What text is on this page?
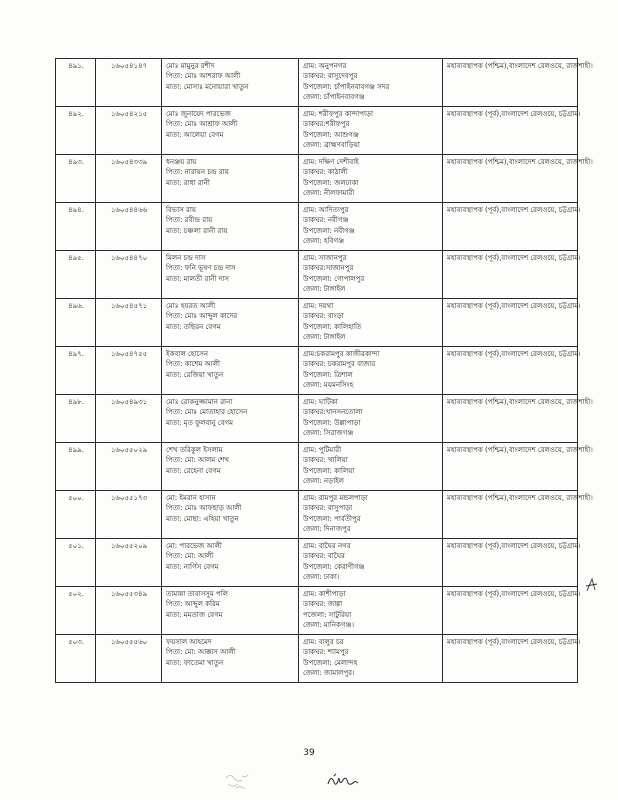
৪৯১.	১৬০৫৪১৪৭	মোঃ মামুনুর রশীদ
পিতা: মোঃ আশরাফ আলী
মাতা: মোসাঃ মনোয়ারা খাতুন	গ্রাম: অনুপনগর
ডাকঘর: বাসুদেবপুর
উপজেলা: চাঁপাইনবাবগঞ্জ সদর
জেলা: চাঁপাইনবাবগঞ্জ	মহাব্যবস্থাপক (পশ্চিম),বাংলাদেশ রেলওয়ে, রাজশাহী।

৪৯২.	১৬০৫৪২১৫	মোঃ জুনায়েদ পারভেজ
পিতা: মোঃ আশ্রাফ আলী
মাতা: আলেয়া বেগম	গ্রাম: শরীফপুর কান্দাপাড়া
ডাকঘর:শরীফপুর
উপজেলা: আশুগঞ্জ
জেলা: ব্রাহ্মণবাড়িয়া	মহাব্যবস্থাপক (পূর্ব),বাংলাদেশ রেলওয়ে, চট্টগ্রাম।

৪৯৩.	১৬০৫৪৩৩৯	ধনঞ্জয় রায়
পিতা: নারায়ন চন্দ্র রায়
মাতা: রাধা রানী	গ্রাম: দক্ষিণ দেশীবাই
ডাকঘর: কাঠালী
উপজেলা: জলঢাকা
জেলা: নীলফামারী	মহাব্যবস্থাপক (পশ্চিম),বাংলাদেশ রেলওয়ে, রাজশাহী।

৪৯৪.	১৬০৫৪৪৬৬	বিভাস রায়
পিতা: রবীন্দ্র রায়
মাতা: চঞ্চলা রানী রায়	গ্রাম: আদিত্যপুর
ডাকঘর: নবীগঞ্জ
উপজেলা: নবীগঞ্জ
জেলা: হবিগঞ্জ	মহাব্যবস্থাপক (পূর্ব),বাংলাদেশ রেলওয়ে, চট্টগ্রাম।

৪৯৫.	১৬০৫৪৪৭০	মিলন চন্দ্র দাস
পিতা: ফনি ভূষণ চন্দ্র দাস
মাতা: মালতী রানী দাস	গ্রাম: সাজানপুর
ডাকঘর:সাজানপুর
উপজেলা: গোপালপুর
জেলা: টাঙ্গাইল	মহাব্যবস্থাপক (পূর্ব),বাংলাদেশ রেলওয়ে, চট্টগ্রাম।

৪৯৬.	১৬০৫৪৫৭১	মোঃ হযরত আলী
পিতা: মোঃ আব্দুল কাদের
মাতা: তছিরন বেগম	গ্রাম: দয়থা
ডাকঘর: বাংড়া
উপজেলা: কালিহাতি
জেলা: টাঙ্গাইল	মহাব্যবস্থাপক (পূর্ব),বাংলাদেশ রেলওয়ে, চট্টগ্রাম।

৪৯৭.	১৬০৫৪৭৫৫	ইকবাল হোসেন
পিতা: কাশেম আলী
মাতা: রেজিয়া খাতুন	গ্রাম:চকরামপুর কাজীরকান্দা
ডাকঘর: চকরামপুর বাজার
উপজেলা: ত্রিশাল
জেলা: ময়মনসিংহ	মহাব্যবস্থাপক (পূর্ব),বাংলাদেশ রেলওয়ে, চট্টগ্রাম।

৪৯৮.	১৬০৫৪৯৩১	মোঃ রোকনুজ্জামান রানা
পিতা: মোঃ মোতাহার হোসেন
মাতা: মৃত ফুলবানু বেগম	গ্রাম: ঘাটিকা
ডাকঘর:খানসনতোলা
উপজেলা: উল্লাপাড়া
জেলা: সিরাজগঞ্জ	মহাব্যবস্থাপক (পশ্চিম),বাংলাদেশ রেলওয়ে, রাজশাহী।

৪৯৯.	১৬০৫৫০২৯	শেখ তরিকুল ইসলাম
পিতা: মো: আলম শেখ
মাতা: রেহেনা বেগম	গ্রাম: পুটিমারী
ডাকঘর: খালিয়া
উপজেলা: কালিয়া
জেলা: নড়াইল	মহাব্যবস্থাপক (পশ্চিম),বাংলাদেশ রেলওয়ে, রাজশাহী।

৫০০.	১৬০৫৫১৭৩	মো: ইমরান হাসান
পিতা: মোঃ আফছাড় আলী
মাতা: মোছা: এহিয়া খাতুন	গ্রাম: রামপুর মন্ডলপাড়া
ডাকঘর: বাসুপাড়া
উপজেলা: পার্বতীপুর
জেলা: দিনাজপুর	মহাব্যবস্থাপক (পশ্চিম),বাংলাদেশ রেলওয়ে, রাজশাহী।

৫০১.	১৬০৫৫২০৯	মো: পারভেজ আলী
পিতা: মো: আলী
মাতা: নার্গিস বেগম	গ্রাম: বাঘৈর নগর
ডাকঘর: বাঘৈর
উপজেলা: কেরাণীগঞ্জ
জেলা: ঢাকা।	মহাব্যবস্থাপক (পূর্ব),বাংলাদেশ রেলওয়ে, চট্টগ্রাম।

৫০২.	১৬০৫৫৩৪৯	তামান্না তাবাসসুম পলি
পিতা: আব্দুল করিম
মাতা: মমতাজ বেগম	গ্রাম: কাশীপাড়া
ডাকঘর: জাগ্গা
পজেলা: সাটুরিয়া
জেলা: মানিকগঞ্জ।	মহাব্যবস্থাপক (পূর্ব),বাংলাদেশ রেলওয়ে, চট্টগ্রাম।

৫০৩.	১৬০৫৫৫৬০	ফয়সাল আহমেদ
পিতা: মো: আক্কাস আলী
মাতা: ফাতেমা খাতুন	গ্রাম: বালুর চর
ডাকঘর: শ্যামপুর
উপজেলা: মেলান্দহ
জেলা: জামালপুর।	মহাব্যবস্থাপক (পূর্ব),বাংলাদেশ রেলওয়ে, চট্টগ্রাম।
39
